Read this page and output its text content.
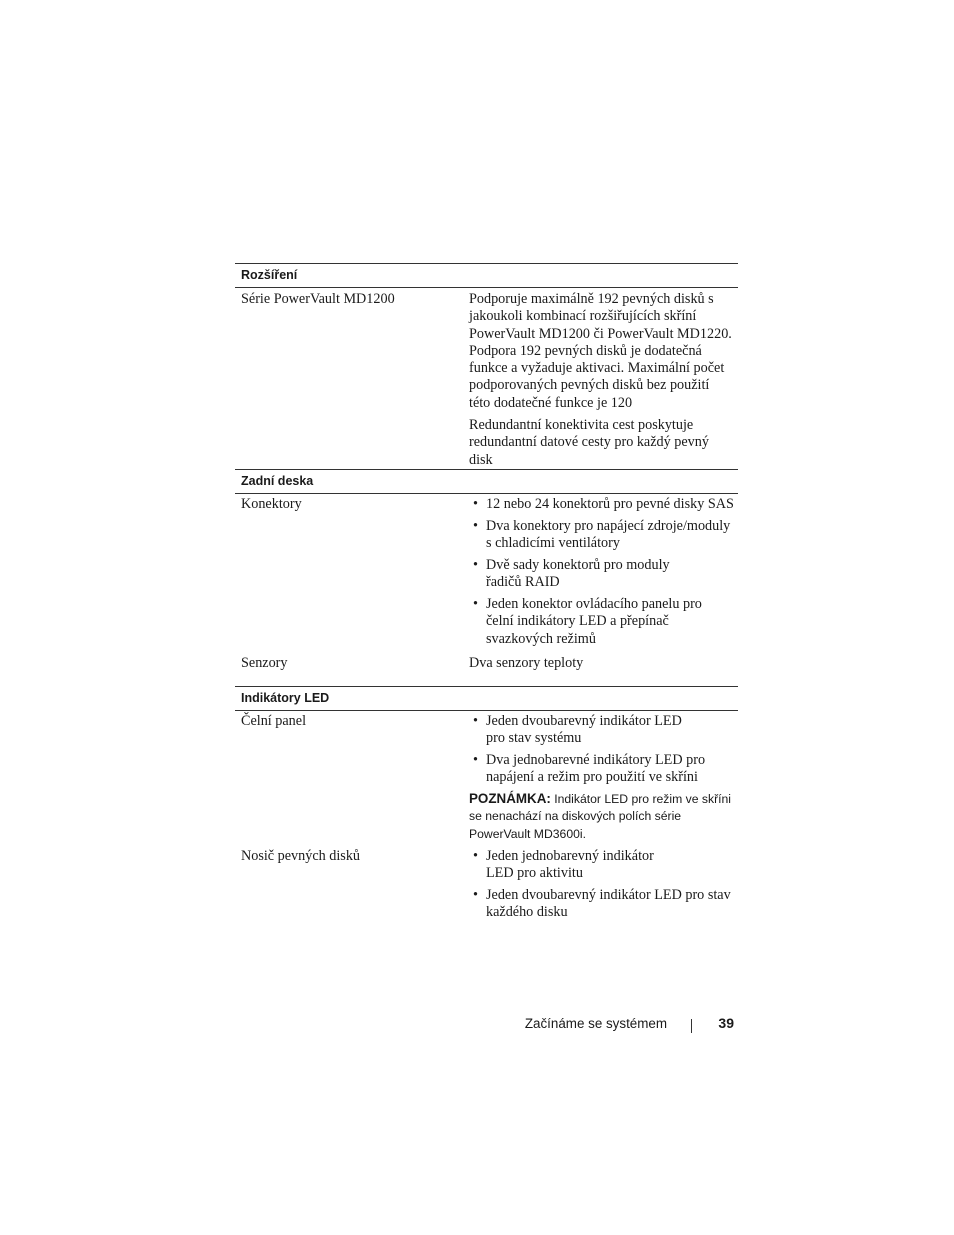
Rozšíření
Série PowerVault MD1200	Podporuje maximálně 192 pevných disků s jakoukoli kombinací rozšiřujících skříní PowerVault MD1200 či PowerVault MD1220. Podpora 192 pevných disků je dodatečná funkce a vyžaduje aktivaci. Maximální počet podporovaných pevných disků bez použití této dodatečné funkce je 120

Redundantní konektivita cest poskytuje redundantní datové cesty pro každý pevný disk

Zadní deska
Konektory	• 12 nebo 24 konektorů pro pevné disky SAS
• Dva konektory pro napájecí zdroje/moduly s chladicími ventilátory
• Dvě sady konektorů pro moduly řadičů RAID
• Jeden konektor ovládacího panelu pro čelní indikátory LED a přepínač svazkových režimů
Senzory	Dva senzory teploty
Indikátory LED
Čelní panel	• Jeden dvoubarevný indikátor LED pro stav systému
• Dva jednobarevné indikátory LED pro napájení a režim pro použití ve skříni
POZNÁMKA: Indikátor LED pro režim ve skříni se nenachází na diskových polích série PowerVault MD3600i.
Nosič pevných disků	• Jeden jednobarevný indikátor LED pro aktivitu
• Jeden dvoubarevný indikátor LED pro stav každého disku
Začínáme se systémem	39
